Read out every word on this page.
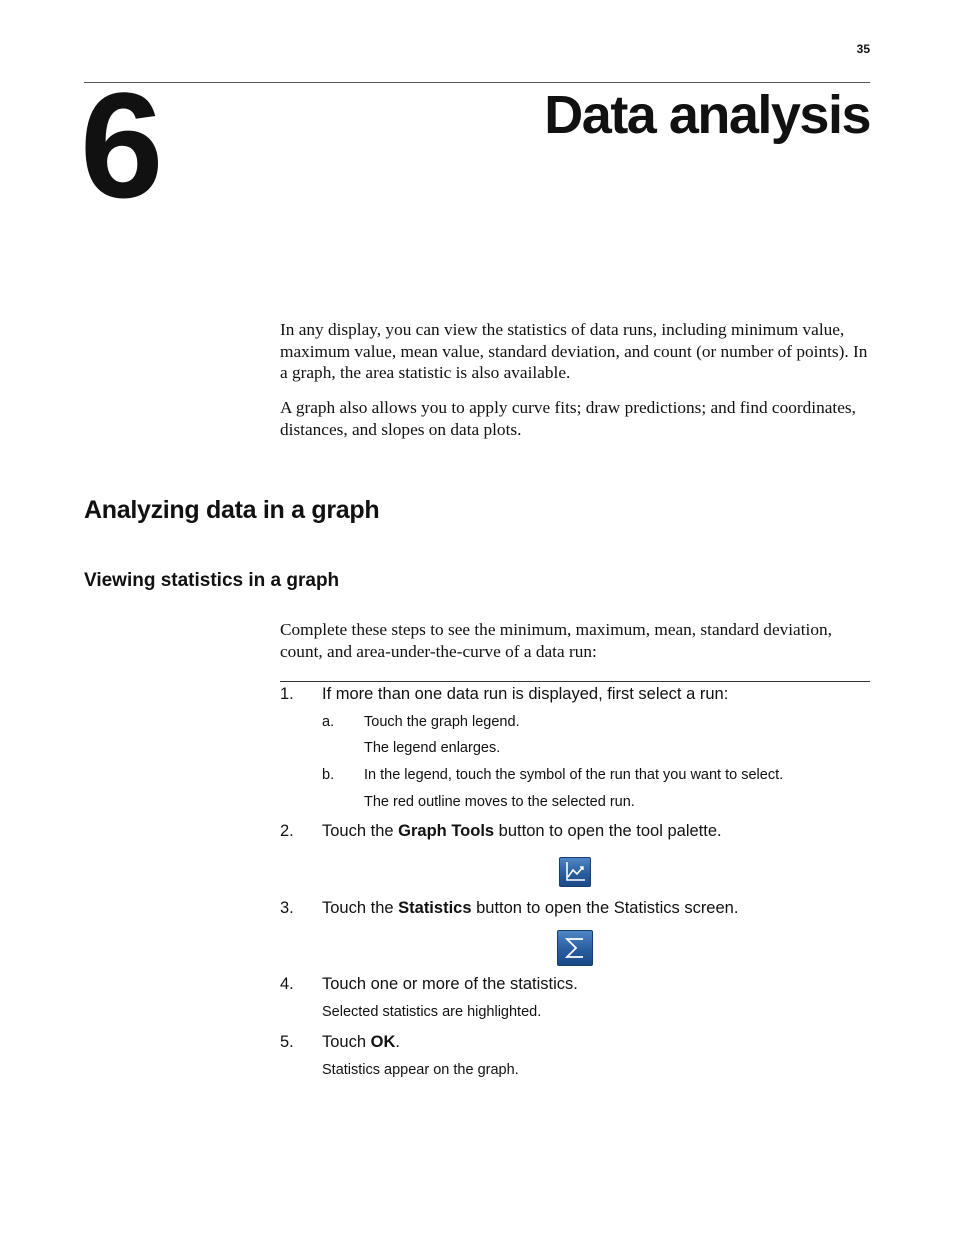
35
6	Data analysis

In any display, you can view the statistics of data runs, including minimum value, maximum value, mean value, standard deviation, and count (or number of points). In a graph, the area statistic is also available.

A graph also allows you to apply curve fits; draw predictions; and find coordinates, distances, and slopes on data plots.

Analyzing data in a graph
Viewing statistics in a graph

Complete these steps to see the minimum, maximum, mean, standard deviation, count, and area-under-the-curve of a data run:

1. If more than one data run is displayed, first select a run:
a. Touch the graph legend.
The legend enlarges.
b. In the legend, touch the symbol of the run that you want to select.
The red outline moves to the selected run.
2. Touch the Graph Tools button to open the tool palette.
3. Touch the Statistics button to open the Statistics screen.
4. Touch one or more of the statistics.
Selected statistics are highlighted.
5. Touch OK.
Statistics appear on the graph.
